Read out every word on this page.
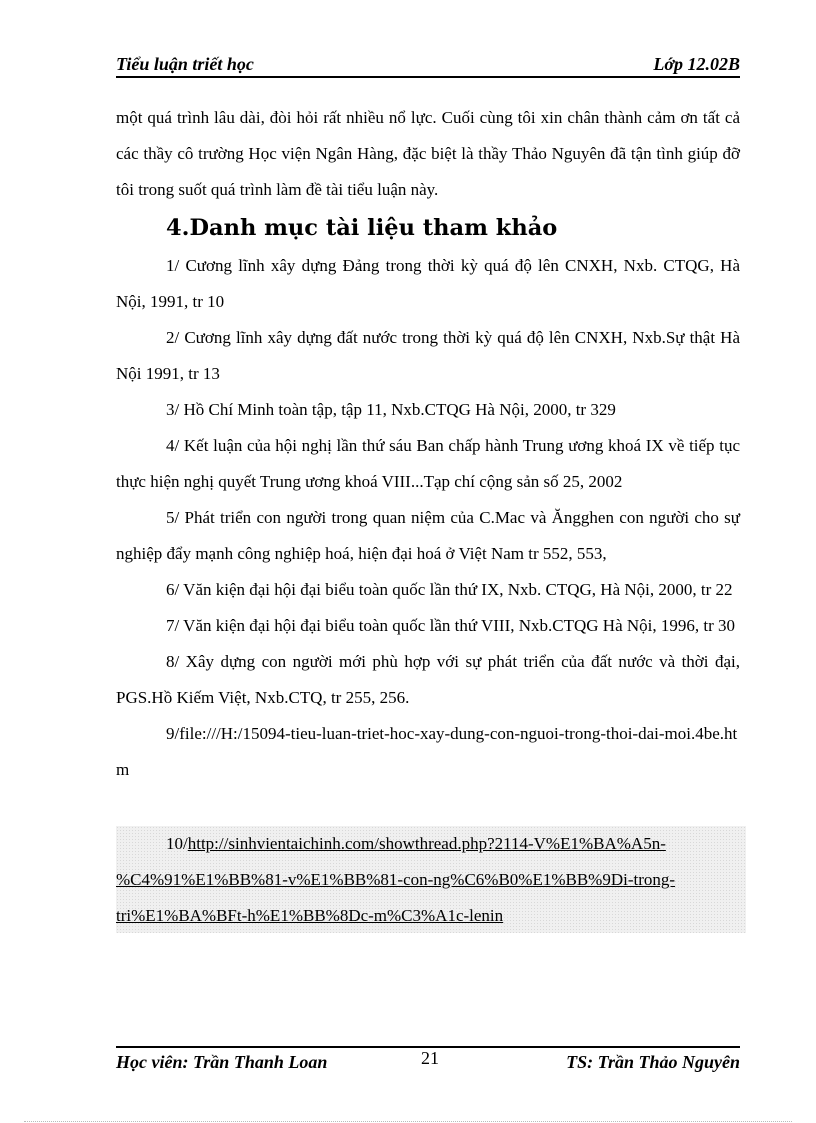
Tiểu luận triết học	Lớp 12.02B

một quá trình lâu dài, đòi hỏi rất nhiều nổ lực. Cuối cùng tôi xin chân thành cảm ơn tất cả các thầy cô trường Học viện Ngân Hàng, đặc biệt là thầy Thảo Nguyên đã tận tình giúp đỡ tôi trong suốt quá trình làm đề tài tiểu luận này.

4.Danh mục tài liệu tham khảo

1/ Cương lĩnh xây dựng Đảng trong thời kỳ quá độ lên CNXH, Nxb. CTQG, Hà Nội, 1991, tr 10

2/ Cương lĩnh xây dựng đất nước trong thời kỳ quá độ lên CNXH, Nxb.Sự thật Hà Nội 1991, tr 13

3/ Hồ Chí Minh toàn tập, tập 11, Nxb.CTQG Hà Nội, 2000, tr 329

4/ Kết luận của hội nghị lần thứ sáu Ban chấp hành Trung ương khoá IX về tiếp tục thực hiện nghị quyết Trung ương khoá VIII...Tạp chí cộng sản số 25, 2002

5/ Phát triển con người trong quan niệm của C.Mac và Ăngghen con người cho sự nghiệp đẩy mạnh công nghiệp hoá, hiện đại hoá ở Việt Nam tr 552, 553,

6/ Văn kiện đại hội đại biểu toàn quốc lần thứ IX, Nxb. CTQG, Hà Nội, 2000, tr 22

7/ Văn kiện đại hội đại biểu toàn quốc lần thứ VIII, Nxb.CTQG Hà Nội, 1996, tr 30

8/ Xây dựng con người mới phù hợp với sự phát triển của đất nước và thời đại, PGS.Hồ Kiếm Việt, Nxb.CTQ, tr 255, 256.

9/file:///H:/15094-tieu-luan-triet-hoc-xay-dung-con-nguoi-trong-thoi-dai-moi.4be.htm

10/http://sinhvientaichinh.com/showthread.php?2114-V%E1%BA%A5n-

%C4%91%E1%BB%81-v%E1%BB%81-con-ng%C6%B0%E1%BB%9Di-trong-

tri%E1%BA%BFt-h%E1%BB%8Dc-m%C3%A1c-lenin

Học viên: Trần Thanh Loan	21	TS: Trần Thảo Nguyên
